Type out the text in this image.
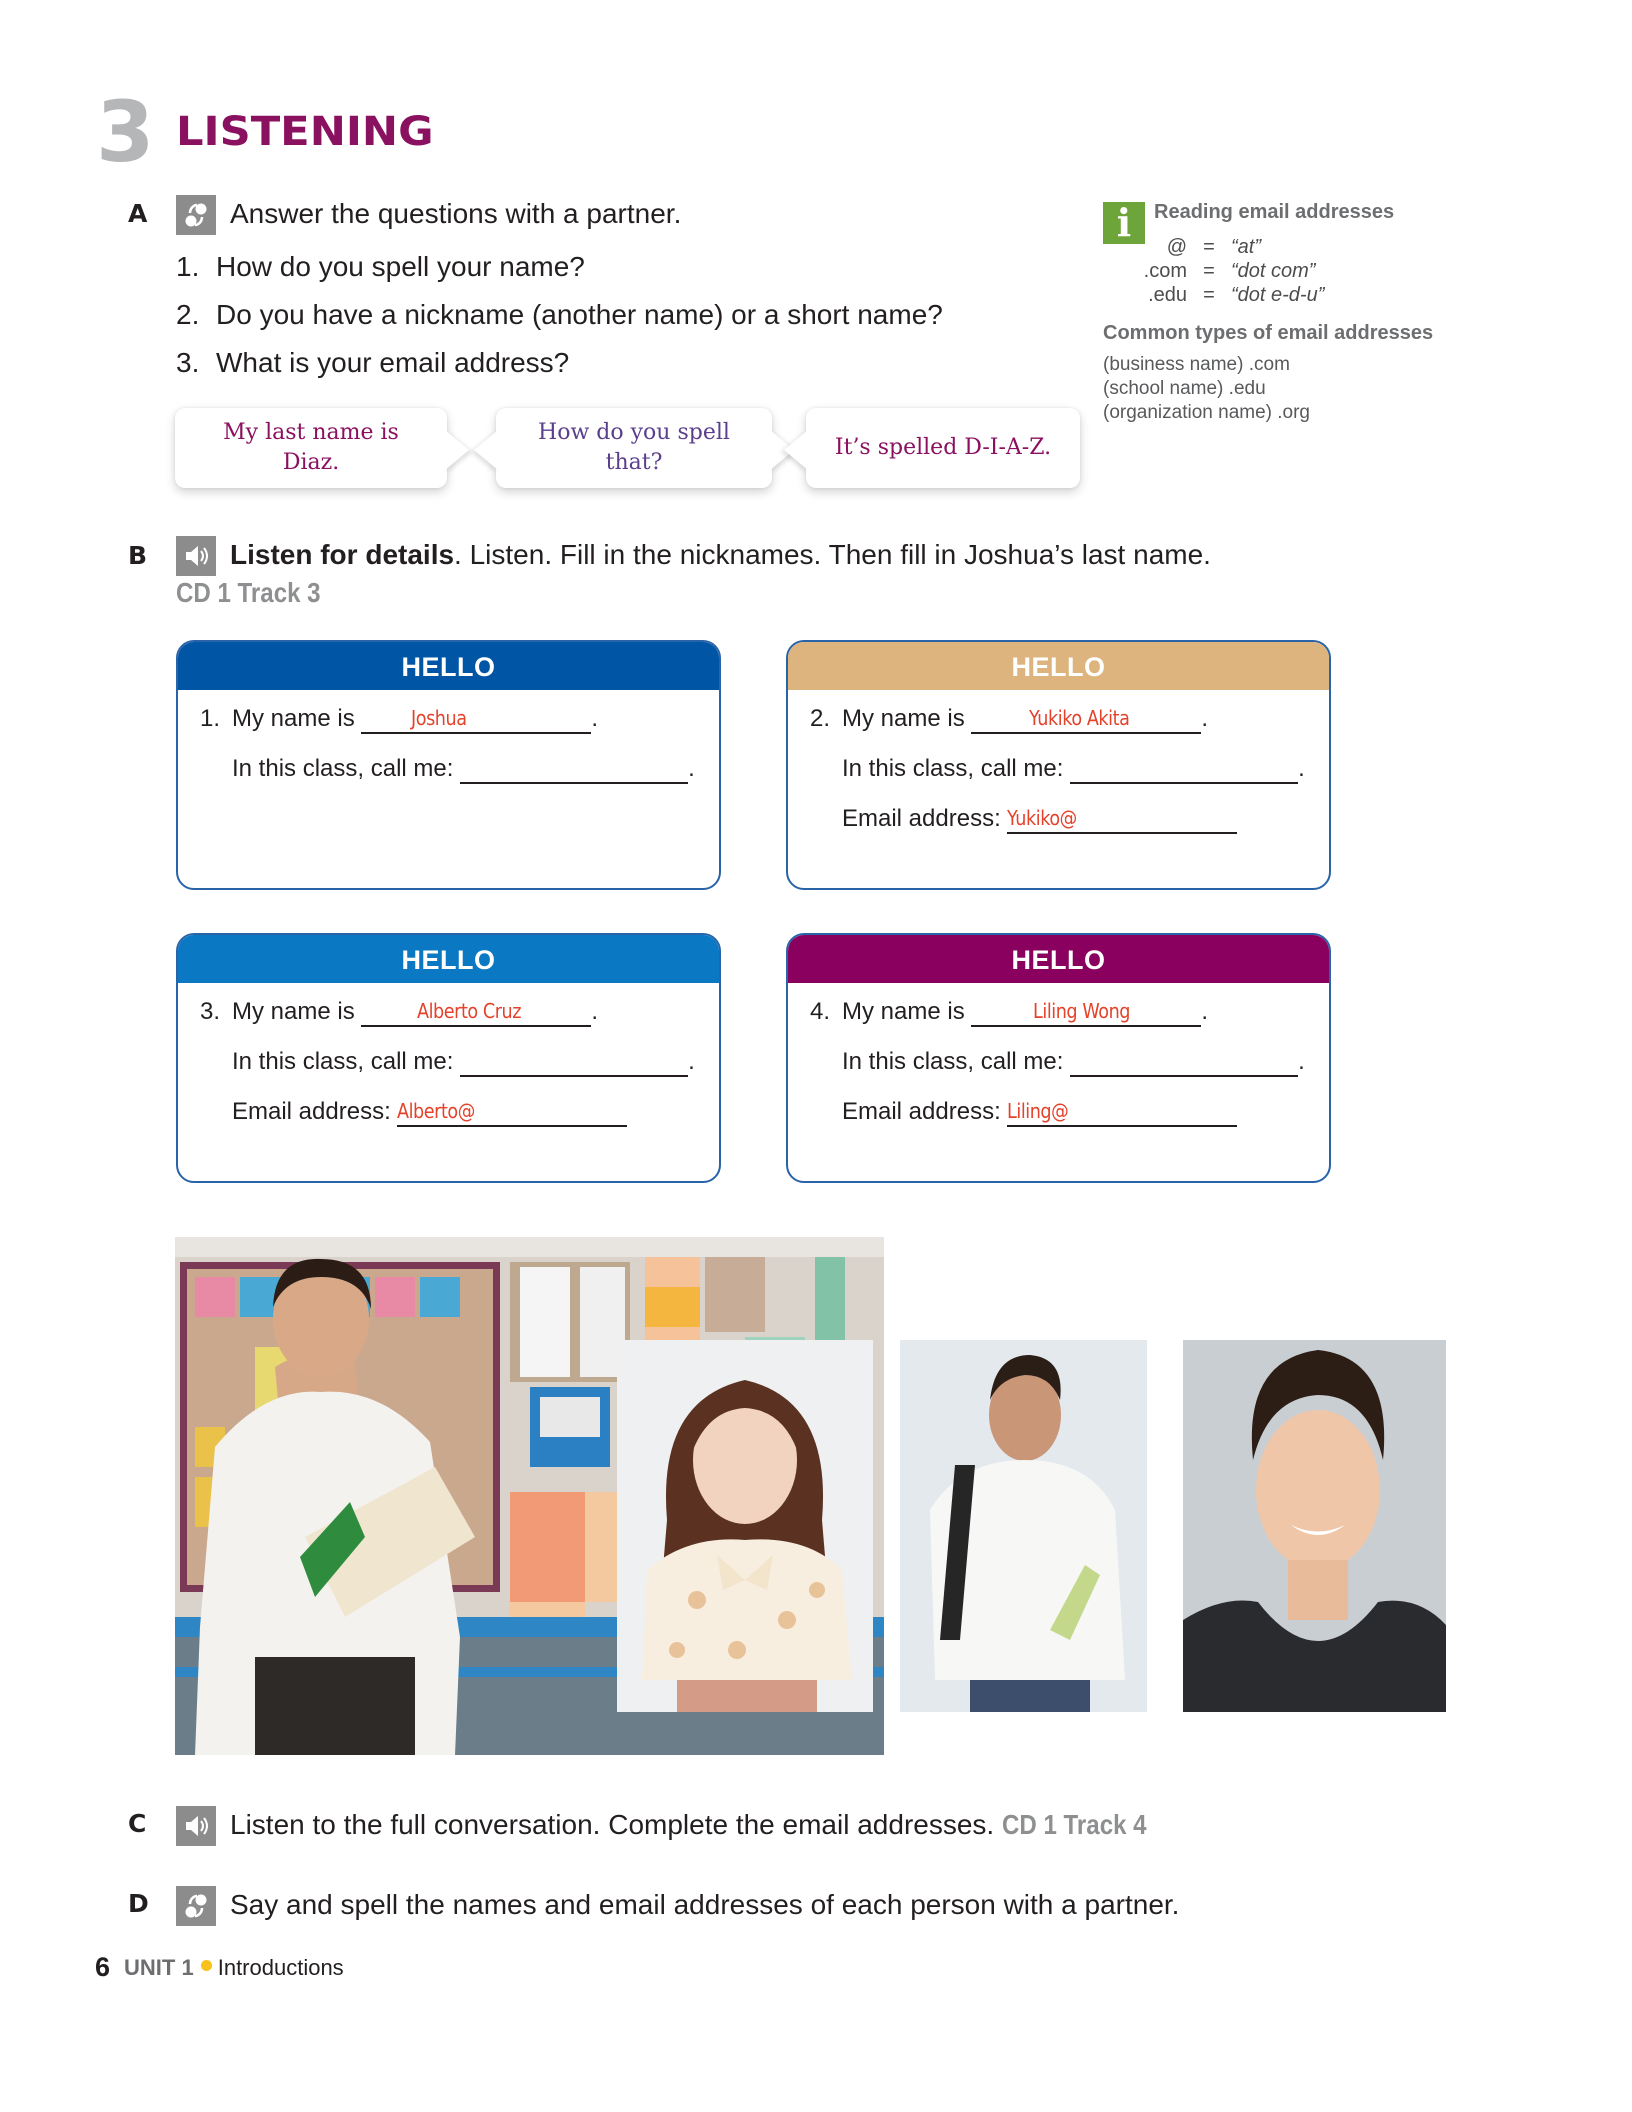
3 LISTENING
A	Answer the questions with a partner.
1. How do you spell your name?
2. Do you have a nickname (another name) or a short name?
3. What is your email address?
My last name is Diaz.
How do you spell that?
It’s spelled D-I-A-Z.
i	Reading email addresses
@ = “at”
.com = “dot com”
.edu = “dot e-d-u”
Common types of email addresses
(business name) .com
(school name) .edu
(organization name) .org
B	Listen for details. Listen. Fill in the nicknames. Then fill in Joshua’s last name.
CD 1 Track 3
HELLO
1. My name is	Joshua	.
In this class, call me:	.
HELLO
2. My name is	Yukiko Akita	.
In this class, call me:	.
Email address: Yukiko@
HELLO
3. My name is	Alberto Cruz	.
In this class, call me:	.
Email address: Alberto@
HELLO
4. My name is	Liling Wong	.
In this class, call me:	.
Email address: Liling@
C	Listen to the full conversation. Complete the email addresses. CD 1 Track 4
D	Say and spell the names and email addresses of each person with a partner.
6 UNIT 1 Introductions
